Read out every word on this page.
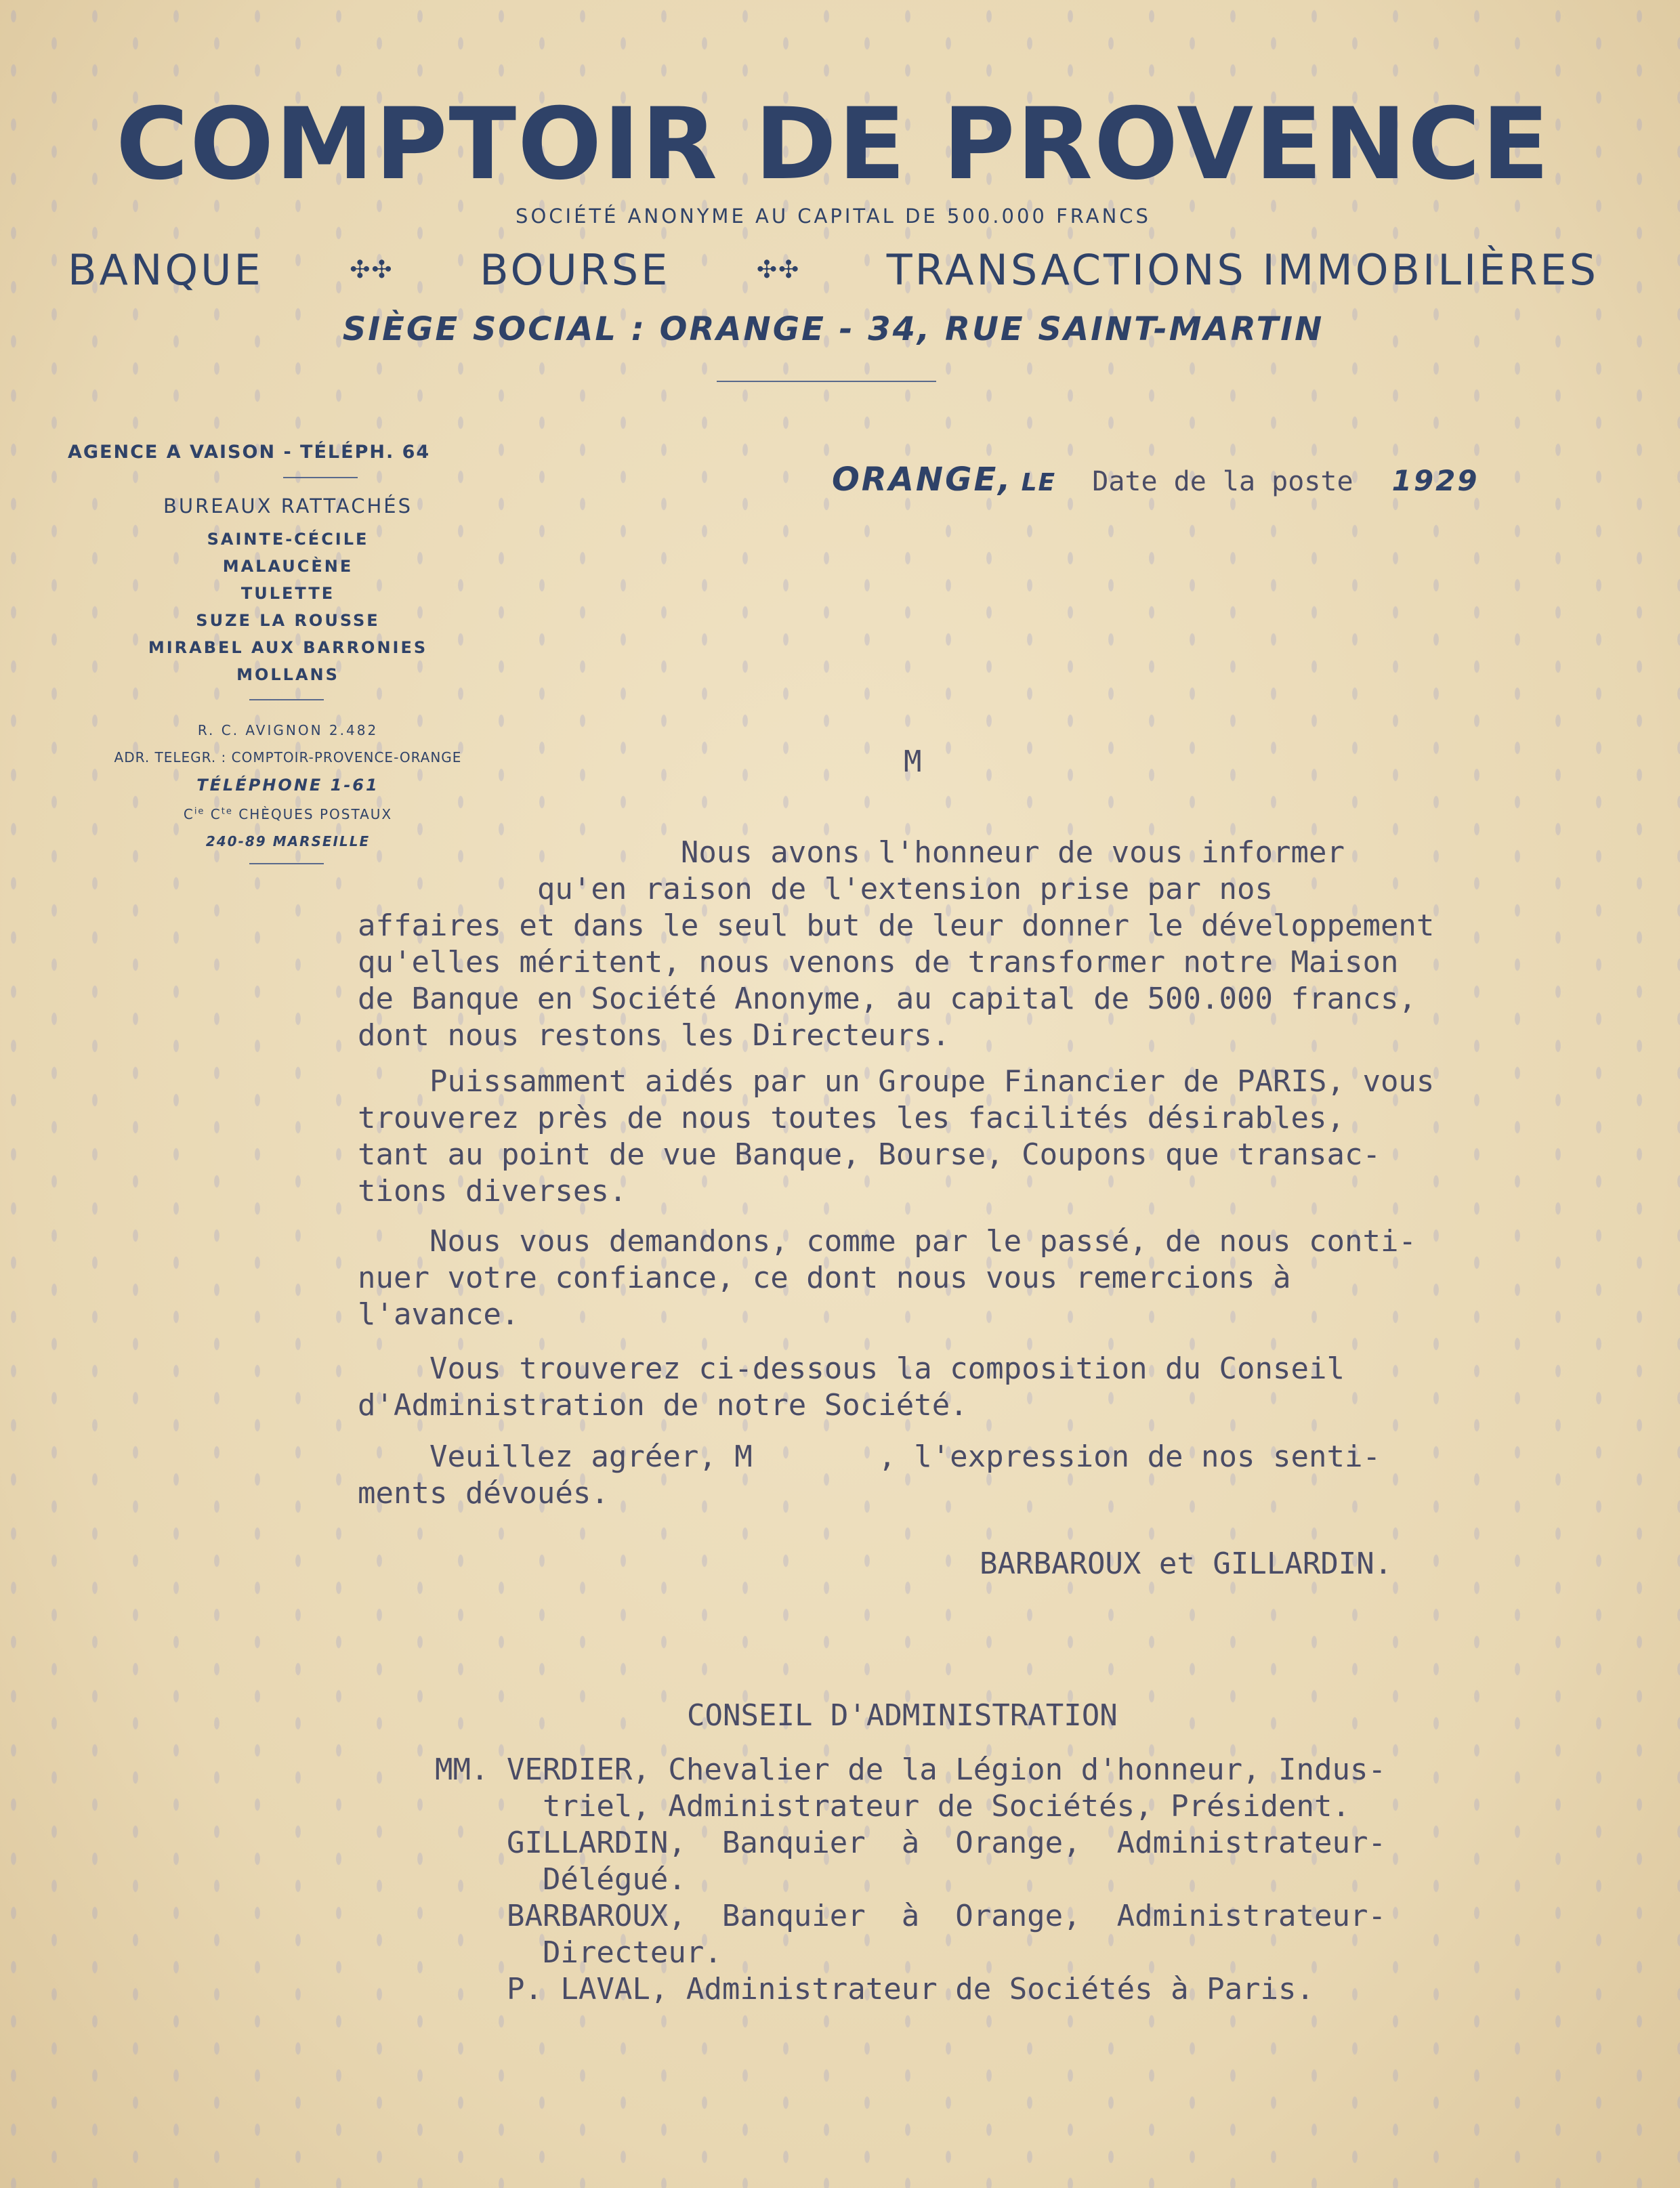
COMPTOIR DE PROVENCE
SOCIÉTÉ ANONYME AU CAPITAL DE 500.000 FRANCS
BANQUE	✣✣ BOURSE	✣✣ TRANSACTIONS IMMOBILIÈRES
SIÈGE SOCIAL : ORANGE - 34, RUE SAINT-MARTIN
AGENCE A VAISON - TÉLÉPH. 64
BUREAUX RATTACHÉS
SAINTE-CÉCILE
MALAUCÈNE
TULETTE
SUZE LA ROUSSE
MIRABEL AUX BARRONIES
MOLLANS
R. C. AVIGNON 2.482
ADR. TELEGR. : COMPTOIR-PROVENCE-ORANGE
TÉLÉPHONE 1-61
$C^{ie}$ $C^{te}$ CHÈQUES POSTAUX
240-89 MARSEILLE
ORANGE, LE Date de la poste 1929
M
Nous avons l'honneur de vous informer
qu'en raison de l'extension prise par nos
affaires et dans le seul but de leur donner le développement
qu'elles méritent, nous venons de transformer notre Maison
de Banque en Société Anonyme, au capital de 500.000 francs,
dont nous restons les Directeurs.
Puissamment aidés par un Groupe Financier de PARIS, vous
trouverez près de nous toutes les facilités désirables,
tant au point de vue Banque, Bourse, Coupons que transac-
tions diverses.
Nous vous demandons, comme par le passé, de nous conti-
nuer votre confiance, ce dont nous vous remercions à
l'avance.
Vous trouverez ci-dessous la composition du Conseil
d'Administration de notre Société.
Veuillez agréer, M       , l'expression de nos senti-
ments dévoués.
BARBAROUX et GILLARDIN.
CONSEIL D'ADMINISTRATION
MM. VERDIER, Chevalier de la Légion d'honneur, Indus-
triel, Administrateur de Sociétés, Président.
GILLARDIN,  Banquier  à  Orange,  Administrateur-
Délégué.
BARBAROUX,  Banquier  à  Orange,  Administrateur-
Directeur.
P. LAVAL, Administrateur de Sociétés à Paris.
